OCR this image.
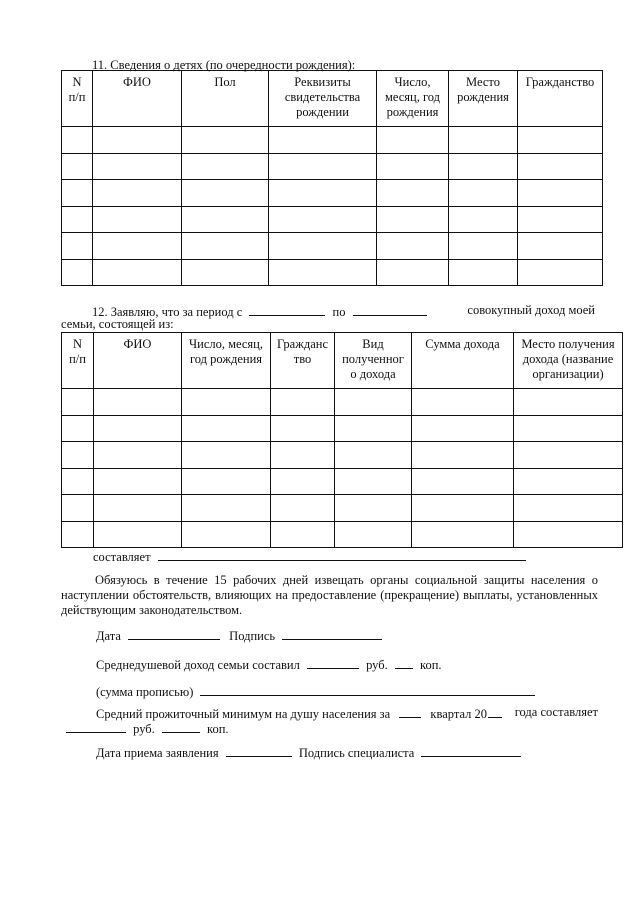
11. Сведения о детях (по очередности рождения):
N
п/п	ФИО	Пол	Реквизиты
свидетельства
рождении	Число,
месяц, год
рождения	Место
рождения	Гражданство

12. Заявляю, что за период с	по	совокупный доход моей
семьи, состоящей из:
N
п/п	ФИО	Число, месяц,
год рождения	Гражданс
тво	Вид
полученног
о дохода	Сумма дохода	Место получения
дохода (название
организации)

составляет
Обязуюсь в течение 15 рабочих дней извещать органы социальной защиты населения о наступлении обстоятельств, влияющих на предоставление (прекращение) выплаты, установленных действующим законодательством.
Дата	Подпись
Среднедушевой доход семьи составил	руб.	коп.
(сумма прописью)
Средний прожиточный минимум на душу населения за	квартал 20 года составляет
руб.	коп.
Дата приема заявления	Подпись специалиста
